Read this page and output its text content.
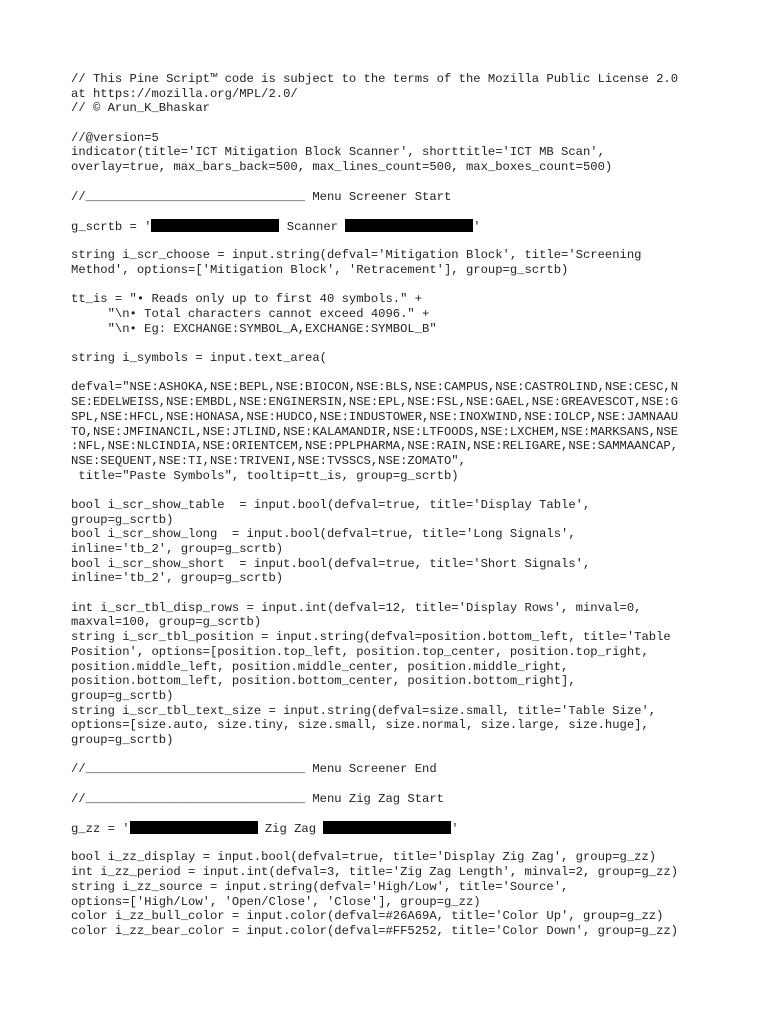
// This Pine Script™ code is subject to the terms of the Mozilla Public License 2.0
at https://mozilla.org/MPL/2.0/
// © Arun_K_Bhaskar
//@version=5
indicator(title='ICT Mitigation Block Scanner', shorttitle='ICT MB Scan',
overlay=true, max_bars_back=500, max_lines_count=500, max_boxes_count=500)
//______________________________ Menu Screener Start
g_scrtb = '	Scanner	'
string i_scr_choose = input.string(defval='Mitigation Block', title='Screening
Method', options=['Mitigation Block', 'Retracement'], group=g_scrtb)
tt_is = "• Reads only up to first 40 symbols." +
"\n• Total characters cannot exceed 4096." +
"\n• Eg: EXCHANGE:SYMBOL_A,EXCHANGE:SYMBOL_B"
string i_symbols = input.text_area(
defval="NSE:ASHOKA,NSE:BEPL,NSE:BIOCON,NSE:BLS,NSE:CAMPUS,NSE:CASTROLIND,NSE:CESC,N
SE:EDELWEISS,NSE:EMBDL,NSE:ENGINERSIN,NSE:EPL,NSE:FSL,NSE:GAEL,NSE:GREAVESCOT,NSE:G
SPL,NSE:HFCL,NSE:HONASA,NSE:HUDCO,NSE:INDUSTOWER,NSE:INOXWIND,NSE:IOLCP,NSE:JAMNAAU
TO,NSE:JMFINANCIL,NSE:JTLIND,NSE:KALAMANDIR,NSE:LTFOODS,NSE:LXCHEM,NSE:MARKSANS,NSE
:NFL,NSE:NLCINDIA,NSE:ORIENTCEM,NSE:PPLPHARMA,NSE:RAIN,NSE:RELIGARE,NSE:SAMMAANCAP,
NSE:SEQUENT,NSE:TI,NSE:TRIVENI,NSE:TVSSCS,NSE:ZOMATO",
title="Paste Symbols", tooltip=tt_is, group=g_scrtb)
bool i_scr_show_table  = input.bool(defval=true, title='Display Table',
group=g_scrtb)
bool i_scr_show_long  = input.bool(defval=true, title='Long Signals',
inline='tb_2', group=g_scrtb)
bool i_scr_show_short  = input.bool(defval=true, title='Short Signals',
inline='tb_2', group=g_scrtb)
int i_scr_tbl_disp_rows = input.int(defval=12, title='Display Rows', minval=0,
maxval=100, group=g_scrtb)
string i_scr_tbl_position = input.string(defval=position.bottom_left, title='Table
Position', options=[position.top_left, position.top_center, position.top_right,
position.middle_left, position.middle_center, position.middle_right,
position.bottom_left, position.bottom_center, position.bottom_right],
group=g_scrtb)
string i_scr_tbl_text_size = input.string(defval=size.small, title='Table Size',
options=[size.auto, size.tiny, size.small, size.normal, size.large, size.huge],
group=g_scrtb)
//______________________________ Menu Screener End
//______________________________ Menu Zig Zag Start
g_zz = '	Zig Zag	'
bool i_zz_display = input.bool(defval=true, title='Display Zig Zag', group=g_zz)
int i_zz_period = input.int(defval=3, title='Zig Zag Length', minval=2, group=g_zz)
string i_zz_source = input.string(defval='High/Low', title='Source',
options=['High/Low', 'Open/Close', 'Close'], group=g_zz)
color i_zz_bull_color = input.color(defval=#26A69A, title='Color Up', group=g_zz)
color i_zz_bear_color = input.color(defval=#FF5252, title='Color Down', group=g_zz)
